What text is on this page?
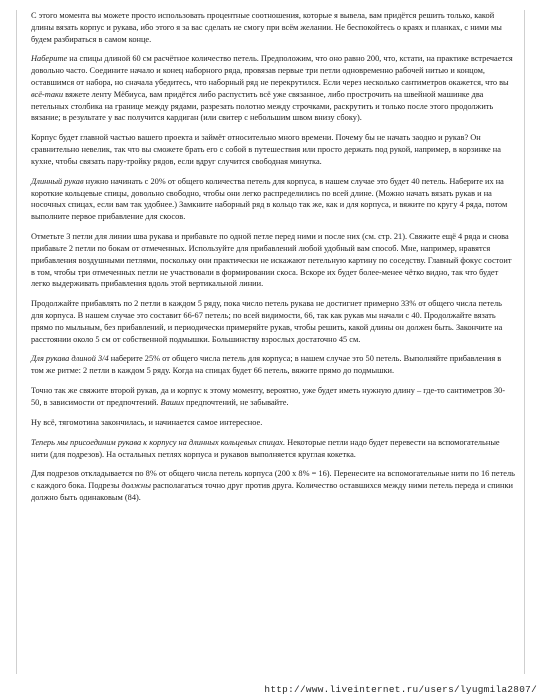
С этого момента вы можете просто использовать процентные соотношения, которые я вывела, вам придётся решить только, какой длины вязать корпус и рукава, ибо этого я за вас сделать не смогу при всём желании. Не беспокойтесь о краях и планках, с ними мы будем разбираться в самом конце.

Наберите на спицы длиной 60 см расчётное количество петель. Предположим, что оно равно 200, что, кстати, на практике встречается довольно часто. Соедините начало и конец наборного ряда, провязав первые три петли одновременно рабочей нитью и концом, оставшимся от набора, но сначала убедитесь, что наборный ряд не перекрутился. Если через несколько сантиметров окажется, что вы всё-таки вяжете ленту Мёбиуса, вам придётся либо распустить всё уже связанное, либо прострочить на швейной машинке два петельных столбика на границе между рядами, разрезать полотно между строчками, раскрутить и только после этого продолжить вязание; в результате у вас получится кардиган (или свитер с небольшим швом внизу сбоку).

Корпус будет главной частью вашего проекта и займёт относительно много времени. Почему бы не начать заодно и рукав? Он сравнительно невелик, так что вы сможете брать его с собой в путешествия или просто держать под рукой, например, в корзинке на кухне, чтобы связать пару-тройку рядов, если вдруг случится свободная минутка.

Длинный рукав нужно начинать с 20% от общего количества петель для корпуса, в нашем случае это будет 40 петель. Наберите их на короткие кольцевые спицы, довольно свободно, чтобы они легко распределились по всей длине. (Можно начать вязать рукав и на носочных спицах, если вам так удобнее.) Замкните наборный ряд в кольцо так же, как и для корпуса, и вяжите по кругу 4 ряда, потом выполните первое прибавление для скосов.

Отметьте 3 петли для линии шва рукава и прибавьте по одной петле перед ними и после них (см. стр. 21). Свяжите ещё 4 ряда и снова прибавьте 2 петли по бокам от отмеченных. Используйте для прибавлений любой удобный вам способ. Мне, например, нравятся прибавления воздушными петлями, поскольку они практически не искажают петельную картину по соседству. Главный фокус состоит в том, чтобы три отмеченных петли не участвовали в формировании скоса. Вскоре их будет более-менее чётко видно, так что будет легко выдерживать прибавления вдоль этой вертикальной линии.

Продолжайте прибавлять по 2 петли в каждом 5 ряду, пока число петель рукава не достигнет примерно 33% от общего числа петель для корпуса. В нашем случае это составит 66-67 петель; по всей видимости, 66, так как рукав мы начали с 40. Продолжайте вязать прямо по мыльным, без прибавлений, и периодически примеряйте рукав, чтобы решить, какой длины он должен быть. Закончите на расстоянии около 5 см от собственной подмышки. Большинству взрослых достаточно 45 см.

Для рукава длиной 3/4 наберите 25% от общего числа петель для корпуса; в нашем случае это 50 петель. Выполняйте прибавления в том же ритме: 2 петли в каждом 5 ряду. Когда на спицах будет 66 петель, вяжите прямо до подмышки.

Точно так же свяжите второй рукав, да и корпус к этому моменту, вероятно, уже будет иметь нужную длину – где-то сантиметров 30-50, в зависимости от предпочтений. Ваших предпочтений, не забывайте.

Ну всё, тягомотина закончилась, и начинается самое интересное.

Теперь мы присоединим рукава к корпусу на длинных кольцевых спицах. Некоторые петли надо будет перевести на вспомогательные нити (для подрезов). На остальных петлях корпуса и рукавов выполняется круглая кокетка.

Для подрезов откладывается по 8% от общего числа петель корпуса (200 х 8% = 16). Перенесите на вспомогательные нити по 16 петель с каждого бока. Подрезы должны располагаться точно друг против друга. Количество оставшихся между ними петель переда и спинки должно быть одинаковым (84).

http://www.liveinternet.ru/users/lyugmila2807/
